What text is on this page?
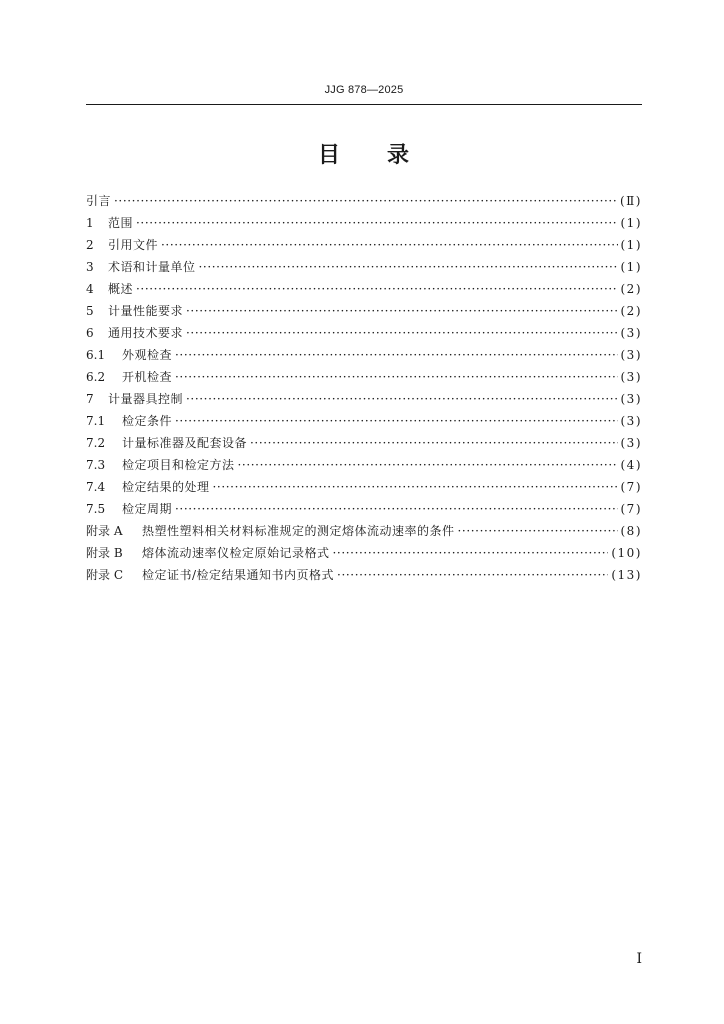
JJG 878—2025
目 录
引言 ·····	(Ⅱ)
1	范围 ·····	(1)
2	引用文件 ·····	(1)
3	术语和计量单位 ·····	(1)
4	概述 ·····	(2)
5	计量性能要求 ·····	(2)
6	通用技术要求 ·····	(3)
6.1	外观检查 ·····	(3)
6.2	开机检查 ·····	(3)
7	计量器具控制 ·····	(3)
7.1	检定条件 ·····	(3)
7.2	计量标准器及配套设备 ·····	(3)
7.3	检定项目和检定方法 ·····	(4)
7.4	检定结果的处理 ·····	(7)
7.5	检定周期 ·····	(7)
附录 A	热塑性塑料相关材料标准规定的测定熔体流动速率的条件 ·····	(8)
附录 B	熔体流动速率仪检定原始记录格式 ·····	(10)
附录 C	检定证书/检定结果通知书内页格式 ·····	(13)
Ⅰ
